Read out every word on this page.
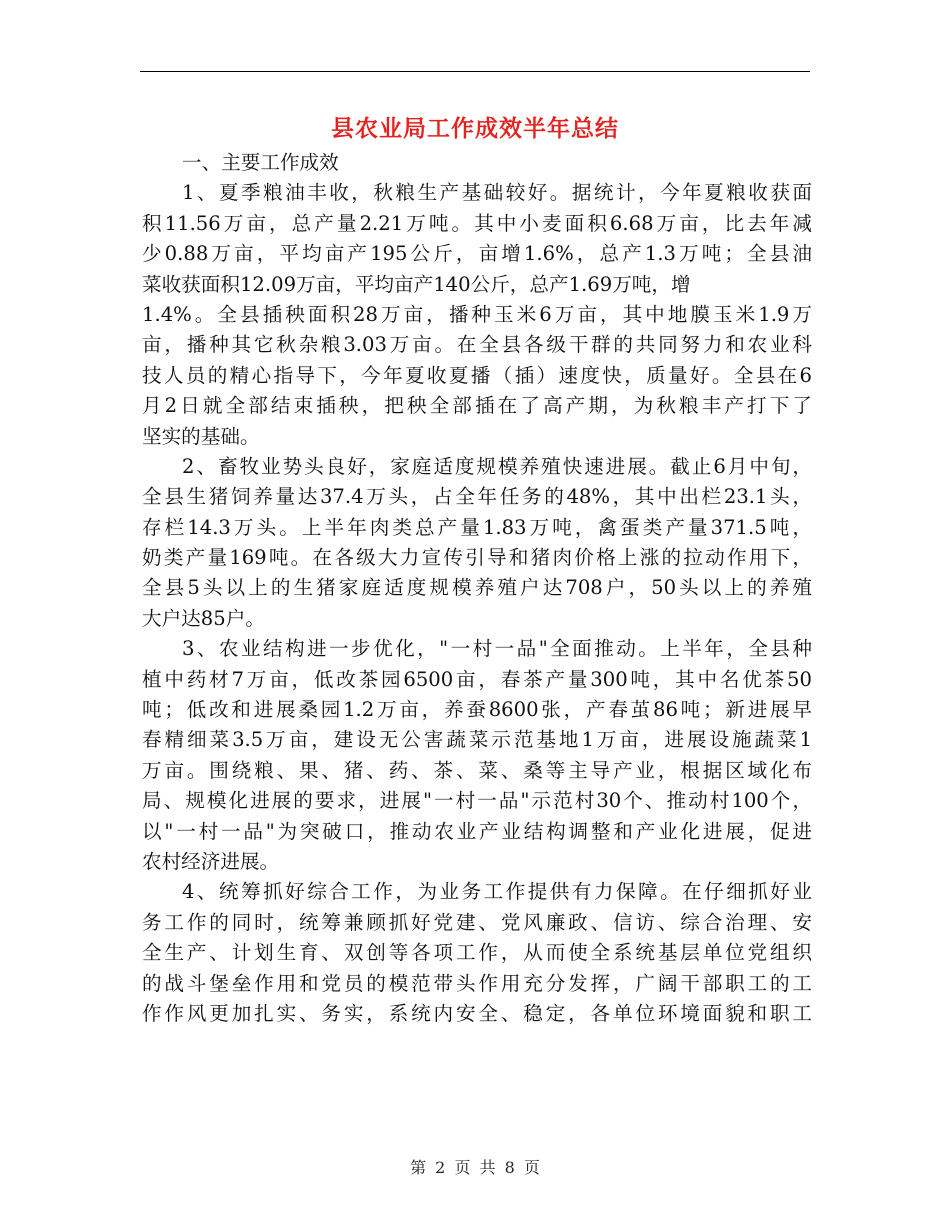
县农业局工作成效半年总结
一、主要工作成效
1、夏季粮油丰收，秋粮生产基础较好。据统计，今年夏粮收获面
积11.56万亩，总产量2.21万吨。其中小麦面积6.68万亩，比去年减
少0.88万亩，平均亩产195公斤，亩增1.6%，总产1.3万吨；全县油
菜收获面积12.09万亩，平均亩产140公斤，总产1.69万吨，增
1.4%。全县插秧面积28万亩，播种玉米6万亩，其中地膜玉米1.9万
亩，播种其它秋杂粮3.03万亩。在全县各级干群的共同努力和农业科
技人员的精心指导下，今年夏收夏播（插）速度快，质量好。全县在6
月2日就全部结束插秧，把秧全部插在了高产期，为秋粮丰产打下了
坚实的基础。
2、畜牧业势头良好，家庭适度规模养殖快速进展。截止6月中旬，
全县生猪饲养量达37.4万头，占全年任务的48%，其中出栏23.1头，
存栏14.3万头。上半年肉类总产量1.83万吨，禽蛋类产量371.5吨，
奶类产量169吨。在各级大力宣传引导和猪肉价格上涨的拉动作用下，
全县5头以上的生猪家庭适度规模养殖户达708户，50头以上的养殖
大户达85户。
3、农业结构进一步优化，"一村一品"全面推动。上半年，全县种
植中药材7万亩，低改茶园6500亩，春茶产量300吨，其中名优茶50
吨；低改和进展桑园1.2万亩，养蚕8600张，产春茧86吨；新进展早
春精细菜3.5万亩，建设无公害蔬菜示范基地1万亩，进展设施蔬菜1
万亩。围绕粮、果、猪、药、茶、菜、桑等主导产业，根据区域化布
局、规模化进展的要求，进展"一村一品"示范村30个、推动村100个，
以"一村一品"为突破口，推动农业产业结构调整和产业化进展，促进
农村经济进展。
4、统筹抓好综合工作，为业务工作提供有力保障。在仔细抓好业
务工作的同时，统筹兼顾抓好党建、党风廉政、信访、综合治理、安
全生产、计划生育、双创等各项工作，从而使全系统基层单位党组织
的战斗堡垒作用和党员的模范带头作用充分发挥，广阔干部职工的工
作作风更加扎实、务实，系统内安全、稳定，各单位环境面貌和职工
第 2 页 共 8 页
